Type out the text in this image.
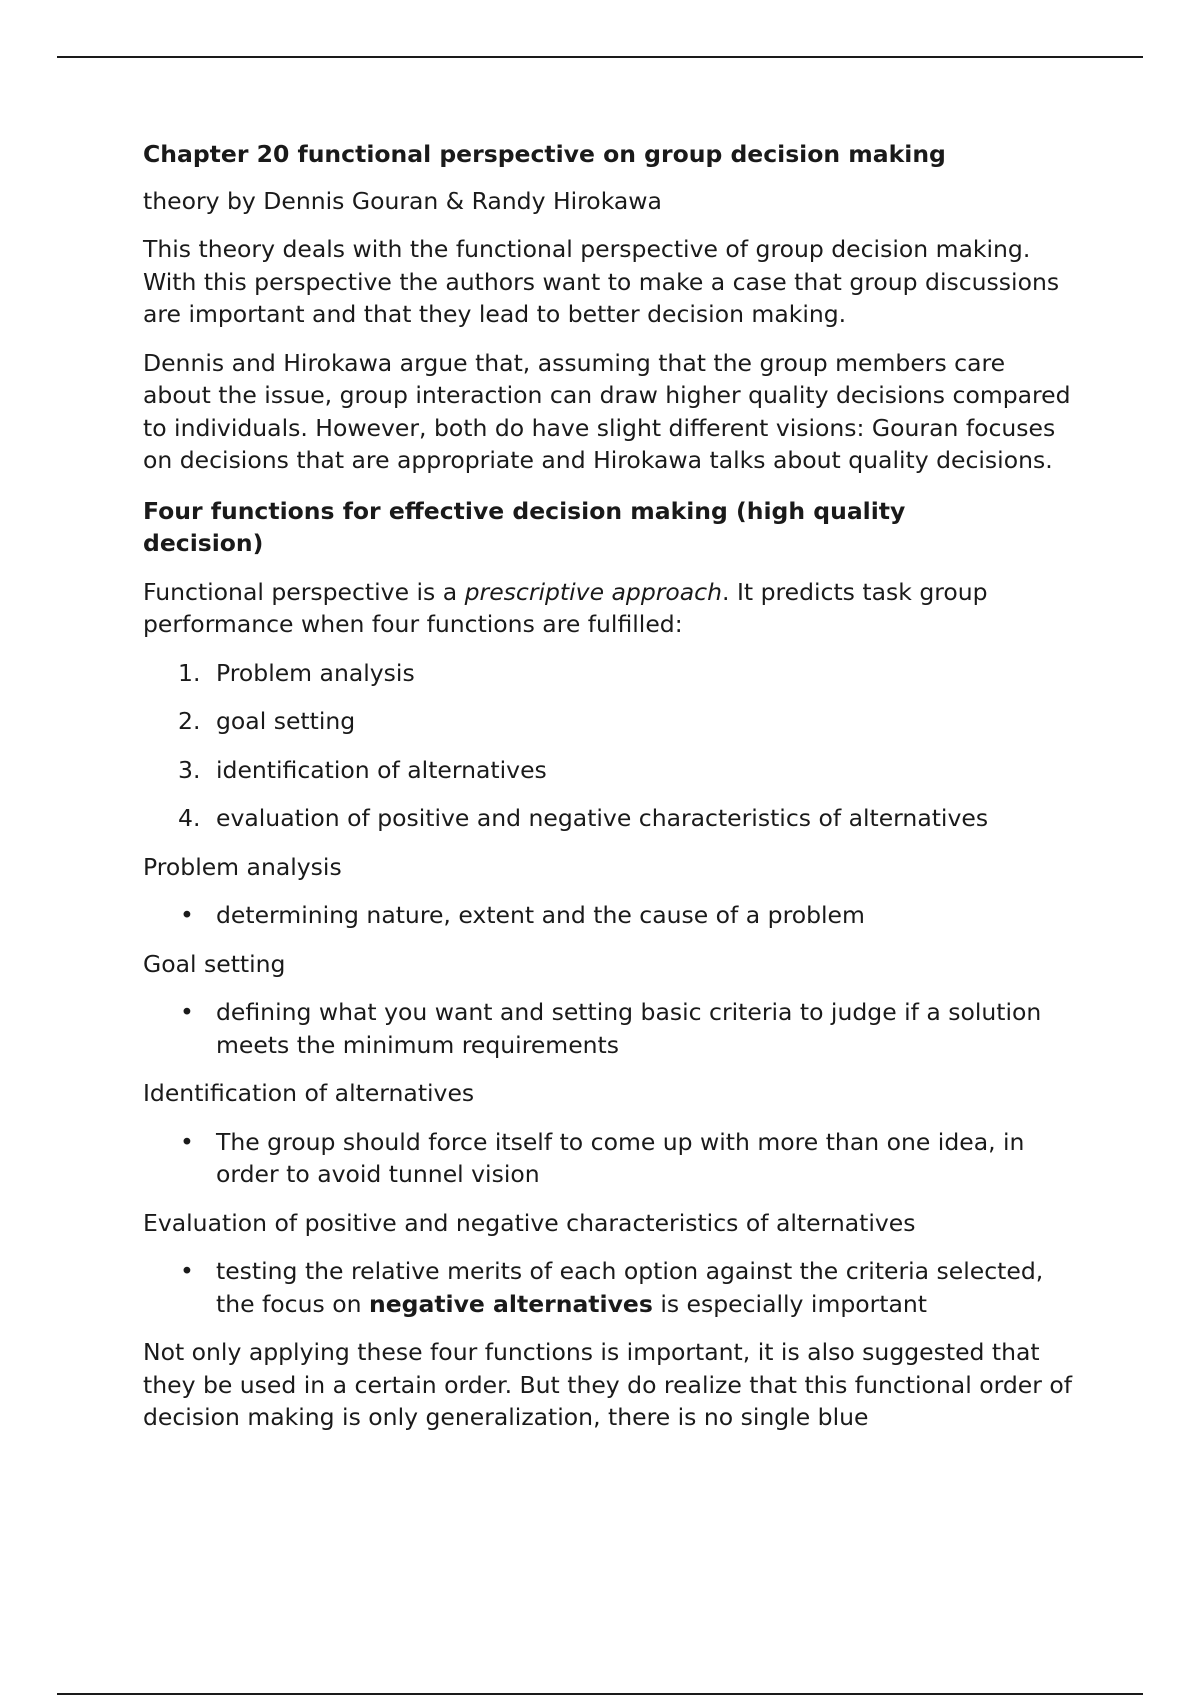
Chapter 20 functional perspective on group decision making

theory by Dennis Gouran & Randy Hirokawa

This theory deals with the functional perspective of group decision making. With this perspective the authors want to make a case that group discussions are important and that they lead to better decision making.

Dennis and Hirokawa argue that, assuming that the group members care about the issue, group interaction can draw higher quality decisions compared to individuals. However, both do have slight different visions: Gouran focuses on decisions that are appropriate and Hirokawa talks about quality decisions.

Four functions for effective decision making (high quality decision)

Functional perspective is a prescriptive approach. It predicts task group performance when four functions are fulfilled:

1. Problem analysis
2. goal setting
3. identification of alternatives
4. evaluation of positive and negative characteristics of alternatives

Problem analysis

• determining nature, extent and the cause of a problem

Goal setting

• defining what you want and setting basic criteria to judge if a solution meets the minimum requirements

Identification of alternatives

• The group should force itself to come up with more than one idea, in order to avoid tunnel vision

Evaluation of positive and negative characteristics of alternatives

• testing the relative merits of each option against the criteria selected, the focus on negative alternatives is especially important

Not only applying these four functions is important, it is also suggested that they be used in a certain order. But they do realize that this functional order of decision making is only generalization, there is no single blue
